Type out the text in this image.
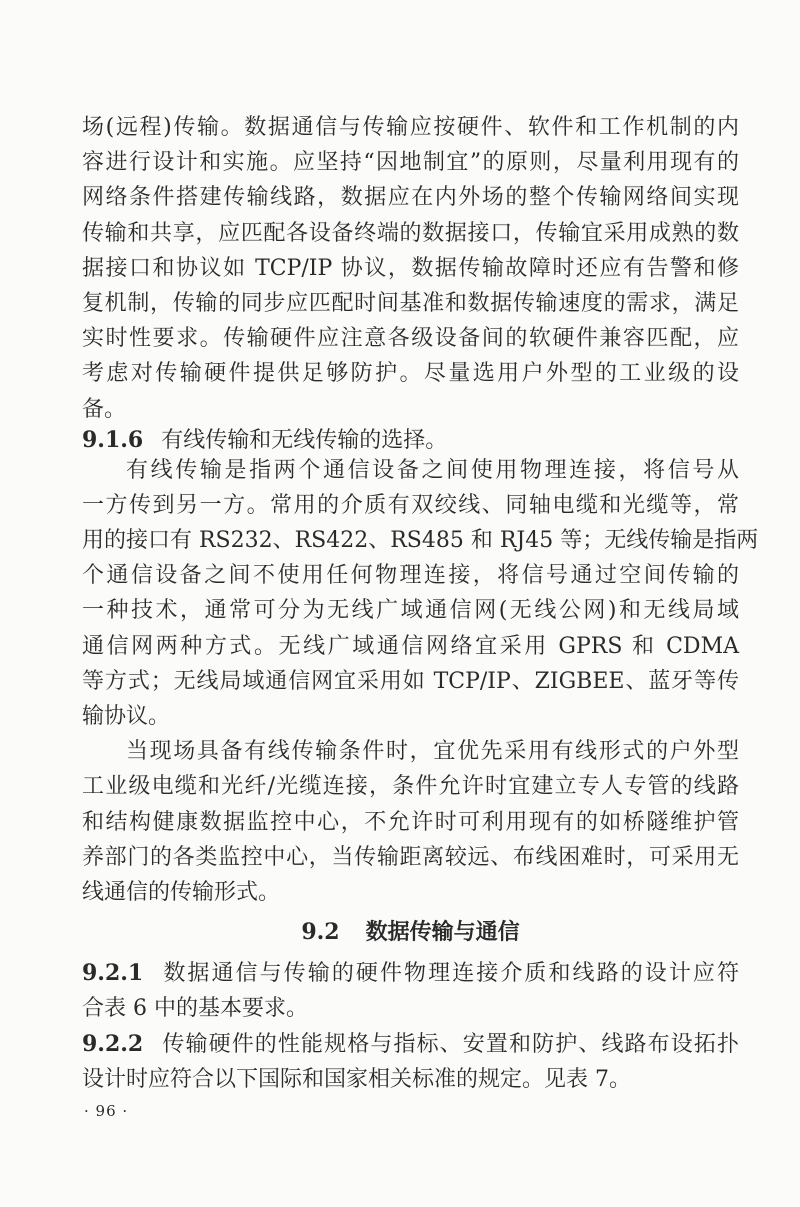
场(远程)传输。数据通信与传输应按硬件、软件和工作机制的内
容进行设计和实施。应坚持“因地制宜”的原则，尽量利用现有的
网络条件搭建传输线路，数据应在内外场的整个传输网络间实现
传输和共享，应匹配各设备终端的数据接口，传输宜采用成熟的数
据接口和协议如 TCP/IP 协议，数据传输故障时还应有告警和修
复机制，传输的同步应匹配时间基准和数据传输速度的需求，满足
实时性要求。传输硬件应注意各级设备间的软硬件兼容匹配，应
考虑对传输硬件提供足够防护。尽量选用户外型的工业级的设
备。
9.1.6 有线传输和无线传输的选择。
有线传输是指两个通信设备之间使用物理连接，将信号从
一方传到另一方。常用的介质有双绞线、同轴电缆和光缆等，常
用的接口有 RS232、RS422、RS485 和 RJ45 等；无线传输是指两
个通信设备之间不使用任何物理连接，将信号通过空间传输的
一种技术，通常可分为无线广域通信网(无线公网)和无线局域
通信网两种方式。无线广域通信网络宜采用 GPRS 和 CDMA
等方式；无线局域通信网宜采用如 TCP/IP、ZIGBEE、蓝牙等传
输协议。
当现场具备有线传输条件时，宜优先采用有线形式的户外型
工业级电缆和光纤/光缆连接，条件允许时宜建立专人专管的线路
和结构健康数据监控中心，不允许时可利用现有的如桥隧维护管
养部门的各类监控中心，当传输距离较远、布线困难时，可采用无
线通信的传输形式。
9.2 数据传输与通信
9.2.1 数据通信与传输的硬件物理连接介质和线路的设计应符
合表 6 中的基本要求。
9.2.2 传输硬件的性能规格与指标、安置和防护、线路布设拓扑
设计时应符合以下国际和国家相关标准的规定。见表 7。
· 96 ·
